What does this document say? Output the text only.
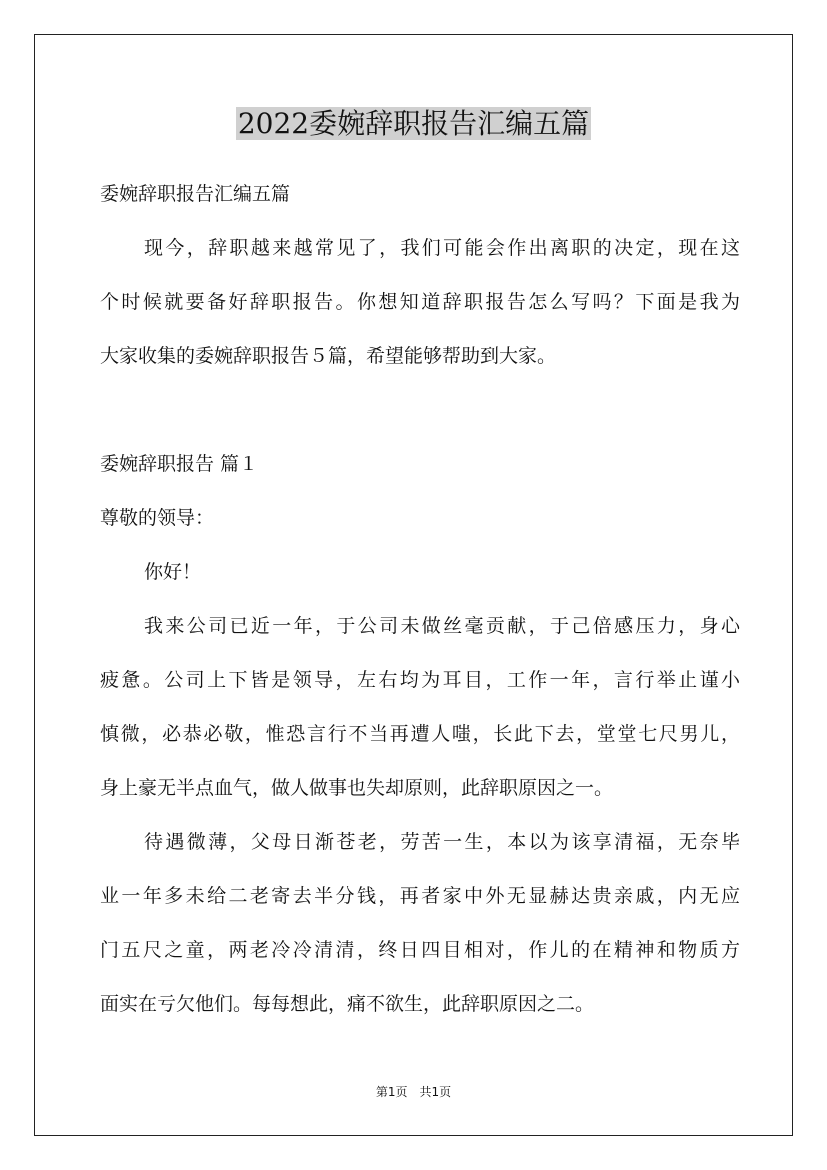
2022委婉辞职报告汇编五篇

委婉辞职报告汇编五篇

现今，辞职越来越常见了，我们可能会作出离职的决定，现在这

个时候就要备好辞职报告。你想知道辞职报告怎么写吗？下面是我为

大家收集的委婉辞职报告５篇，希望能够帮助到大家。

委婉辞职报告 篇１

尊敬的领导：

你好！

我来公司已近一年，于公司未做丝毫贡献，于己倍感压力，身心

疲惫。公司上下皆是领导，左右均为耳目，工作一年，言行举止谨小

慎微，必恭必敬，惟恐言行不当再遭人嗤，长此下去，堂堂七尺男儿，

身上豪无半点血气，做人做事也失却原则，此辞职原因之一。

待遇微薄，父母日渐苍老，劳苦一生，本以为该享清福，无奈毕

业一年多未给二老寄去半分钱，再者家中外无显赫达贵亲戚，内无应

门五尺之童，两老冷冷清清，终日四目相对，作儿的在精神和物质方

面实在亏欠他们。每每想此，痛不欲生，此辞职原因之二。

第1页　共1页
